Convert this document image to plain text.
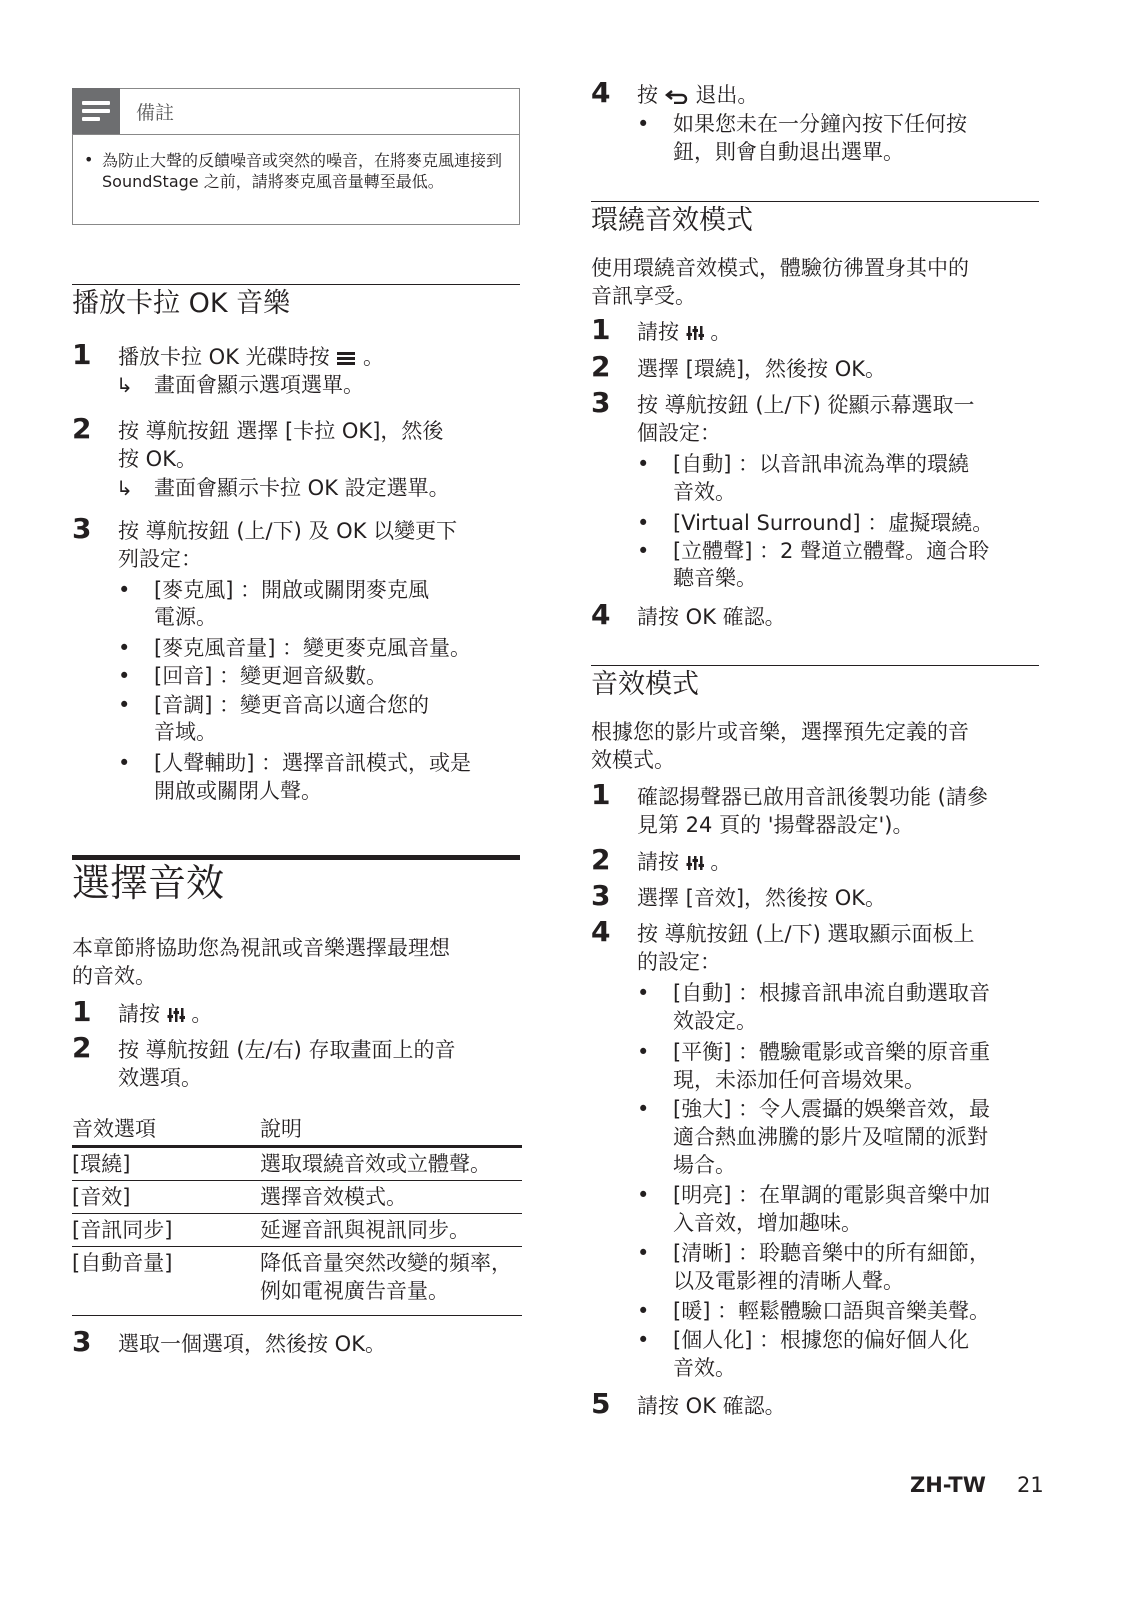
備註
• 為防止大聲的反饋噪音或突然的噪音，在將麥克風連接到 SoundStage 之前，請將麥克風音量轉至最低。
播放卡拉 OK 音樂
1 播放卡拉 OK 光碟時按 。
↳ 畫面會顯示選項選單。
2 按 導航按鈕 選擇 [卡拉 OK]，然後
按 OK。
↳ 畫面會顯示卡拉 OK 設定選單。
3 按 導航按鈕 (上/下) 及 OK 以變更下
列設定：
• [麥克風] ：開啟或關閉麥克風
電源。
• [麥克風音量] ：變更麥克風音量。
• [回音] ：變更迴音級數。
• [音調] ：變更音高以適合您的
音域。
• [人聲輔助] ：選擇音訊模式，或是
開啟或關閉人聲。
選擇音效
本章節將協助您為視訊或音樂選擇最理想
的音效。
1 請按 。
2 按 導航按鈕 (左/右) 存取畫面上的音
效選項。
音效選項	說明
[環繞]	選取環繞音效或立體聲。
[音效]	選擇音效模式。
[音訊同步]	延遲音訊與視訊同步。
[自動音量]	降低音量突然改變的頻率，例如電視廣告音量。
3 選取一個選項，然後按 OK。
4 按 退出。
• 如果您未在一分鐘內按下任何按
鈕，則會自動退出選單。
環繞音效模式
使用環繞音效模式，體驗彷彿置身其中的
音訊享受。
1 請按 。
2 選擇 [環繞]，然後按 OK。
3 按 導航按鈕 (上/下) 從顯示幕選取一
個設定：
• [自動] ：以音訊串流為準的環繞
音效。
• [Virtual Surround] ：虛擬環繞。
• [立體聲] ：2 聲道立體聲。適合聆
聽音樂。
4 請按 OK 確認。
音效模式
根據您的影片或音樂，選擇預先定義的音
效模式。
1 確認揚聲器已啟用音訊後製功能 (請參
見第 24 頁的 '揚聲器設定')。
2 請按 。
3 選擇 [音效]，然後按 OK。
4 按 導航按鈕 (上/下) 選取顯示面板上
的設定：
• [自動] ：根據音訊串流自動選取音
效設定。
• [平衡] ：體驗電影或音樂的原音重
現，未添加任何音場效果。
• [強大] ：令人震攝的娛樂音效，最
適合熱血沸騰的影片及喧鬧的派對
場合。
• [明亮] ：在單調的電影與音樂中加
入音效，增加趣味。
• [清晰] ：聆聽音樂中的所有細節，
以及電影裡的清晰人聲。
• [暖] ：輕鬆體驗口語與音樂美聲。
• [個人化] ：根據您的偏好個人化
音效。
5 請按 OK 確認。
ZH-TW 21
